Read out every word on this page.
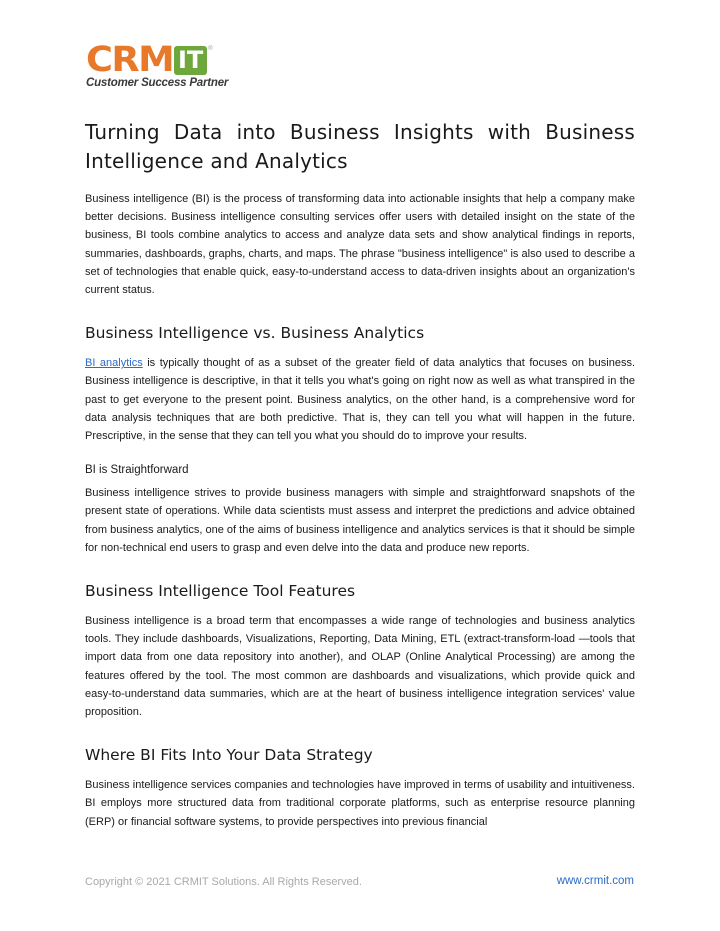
CRM IT ®
Customer Success Partner
Turning Data into Business Insights with Business Intelligence and Analytics

Business intelligence (BI) is the process of transforming data into actionable insights that help a company make better decisions. Business intelligence consulting services offer users with detailed insight on the state of the business, BI tools combine analytics to access and analyze data sets and show analytical findings in reports, summaries, dashboards, graphs, charts, and maps. The phrase "business intelligence" is also used to describe a set of technologies that enable quick, easy-to-understand access to data-driven insights about an organization's current status.

Business Intelligence vs. Business Analytics

BI analytics is typically thought of as a subset of the greater field of data analytics that focuses on business. Business intelligence is descriptive, in that it tells you what's going on right now as well as what transpired in the past to get everyone to the present point. Business analytics, on the other hand, is a comprehensive word for data analysis techniques that are both predictive. That is, they can tell you what will happen in the future. Prescriptive, in the sense that they can tell you what you should do to improve your results.

BI is Straightforward

Business intelligence strives to provide business managers with simple and straightforward snapshots of the present state of operations. While data scientists must assess and interpret the predictions and advice obtained from business analytics, one of the aims of business intelligence and analytics services is that it should be simple for non-technical end users to grasp and even delve into the data and produce new reports.

Business Intelligence Tool Features

Business intelligence is a broad term that encompasses a wide range of technologies and business analytics tools. They include dashboards, Visualizations, Reporting, Data Mining, ETL (extract-transform-load —tools that import data from one data repository into another), and OLAP (Online Analytical Processing) are among the features offered by the tool. The most common are dashboards and visualizations, which provide quick and easy-to-understand data summaries, which are at the heart of business intelligence integration services' value proposition.

Where BI Fits Into Your Data Strategy

Business intelligence services companies and technologies have improved in terms of usability and intuitiveness. BI employs more structured data from traditional corporate platforms, such as enterprise resource planning (ERP) or financial software systems, to provide perspectives into previous financial

Copyright © 2021 CRMIT Solutions. All Rights Reserved.	www.crmit.com
